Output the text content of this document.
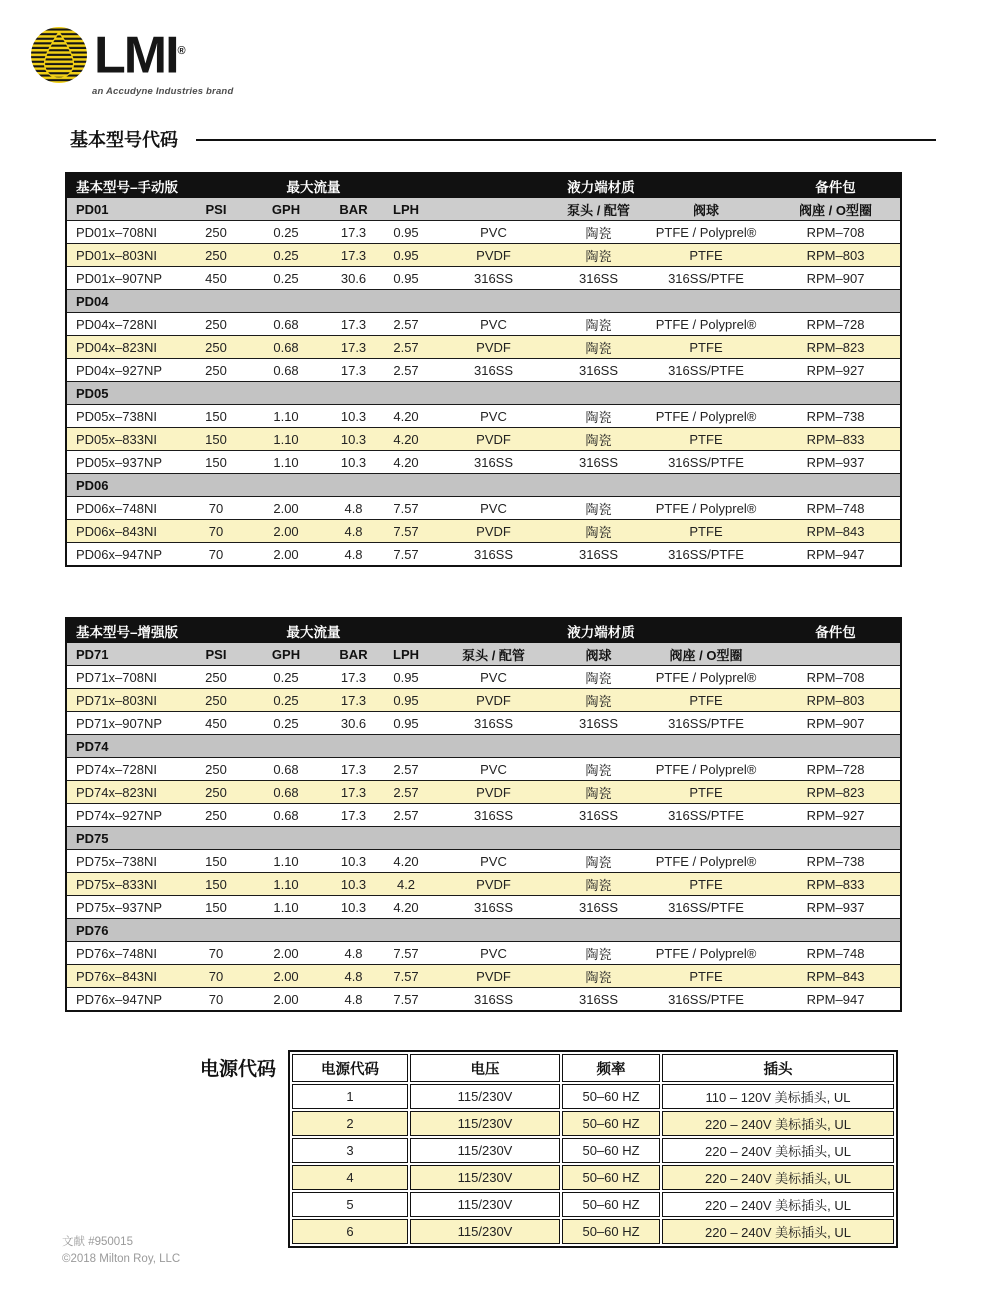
LMI®
an Accudyne Industries brand
基本型号代码
基本型号–手动版		最大流量			液力端材质			备件包
PD01	PSI	GPH	BAR	LPH		泵头 / 配管	阀球	阀座 / O型圈
PD01x–708NI	250	0.25	17.3	0.95	PVC	陶瓷	PTFE / Polyprel®	RPM–708
PD01x–803NI	250	0.25	17.3	0.95	PVDF	陶瓷	PTFE	RPM–803
PD01x–907NP	450	0.25	30.6	0.95	316SS	316SS	316SS/PTFE	RPM–907
PD04								
PD04x–728NI	250	0.68	17.3	2.57	PVC	陶瓷	PTFE / Polyprel®	RPM–728
PD04x–823NI	250	0.68	17.3	2.57	PVDF	陶瓷	PTFE	RPM–823
PD04x–927NP	250	0.68	17.3	2.57	316SS	316SS	316SS/PTFE	RPM–927
PD05								
PD05x–738NI	150	1.10	10.3	4.20	PVC	陶瓷	PTFE / Polyprel®	RPM–738
PD05x–833NI	150	1.10	10.3	4.20	PVDF	陶瓷	PTFE	RPM–833
PD05x–937NP	150	1.10	10.3	4.20	316SS	316SS	316SS/PTFE	RPM–937
PD06								
PD06x–748NI	70	2.00	4.8	7.57	PVC	陶瓷	PTFE / Polyprel®	RPM–748
PD06x–843NI	70	2.00	4.8	7.57	PVDF	陶瓷	PTFE	RPM–843
PD06x–947NP	70	2.00	4.8	7.57	316SS	316SS	316SS/PTFE	RPM–947
基本型号–增强版		最大流量			液力端材质			备件包
PD71	PSI	GPH	BAR	LPH	泵头 / 配管	阀球	阀座 / O型圈	
PD71x–708NI	250	0.25	17.3	0.95	PVC	陶瓷	PTFE / Polyprel®	RPM–708
PD71x–803NI	250	0.25	17.3	0.95	PVDF	陶瓷	PTFE	RPM–803
PD71x–907NP	450	0.25	30.6	0.95	316SS	316SS	316SS/PTFE	RPM–907
PD74								
PD74x–728NI	250	0.68	17.3	2.57	PVC	陶瓷	PTFE / Polyprel®	RPM–728
PD74x–823NI	250	0.68	17.3	2.57	PVDF	陶瓷	PTFE	RPM–823
PD74x–927NP	250	0.68	17.3	2.57	316SS	316SS	316SS/PTFE	RPM–927
PD75								
PD75x–738NI	150	1.10	10.3	4.20	PVC	陶瓷	PTFE / Polyprel®	RPM–738
PD75x–833NI	150	1.10	10.3	4.2	PVDF	陶瓷	PTFE	RPM–833
PD75x–937NP	150	1.10	10.3	4.20	316SS	316SS	316SS/PTFE	RPM–937
PD76								
PD76x–748NI	70	2.00	4.8	7.57	PVC	陶瓷	PTFE / Polyprel®	RPM–748
PD76x–843NI	70	2.00	4.8	7.57	PVDF	陶瓷	PTFE	RPM–843
PD76x–947NP	70	2.00	4.8	7.57	316SS	316SS	316SS/PTFE	RPM–947
电源代码	电源代码	电压	频率	插头
1	115/230V	50–60 HZ	110 – 120V 美标插头, UL
2	115/230V	50–60 HZ	220 – 240V 美标插头, UL
3	115/230V	50–60 HZ	220 – 240V 美标插头, UL
4	115/230V	50–60 HZ	220 – 240V 美标插头, UL
5	115/230V	50–60 HZ	220 – 240V 美标插头, UL
6	115/230V	50–60 HZ	220 – 240V 美标插头, UL
文献 #950015
©2018 Milton Roy, LLC
